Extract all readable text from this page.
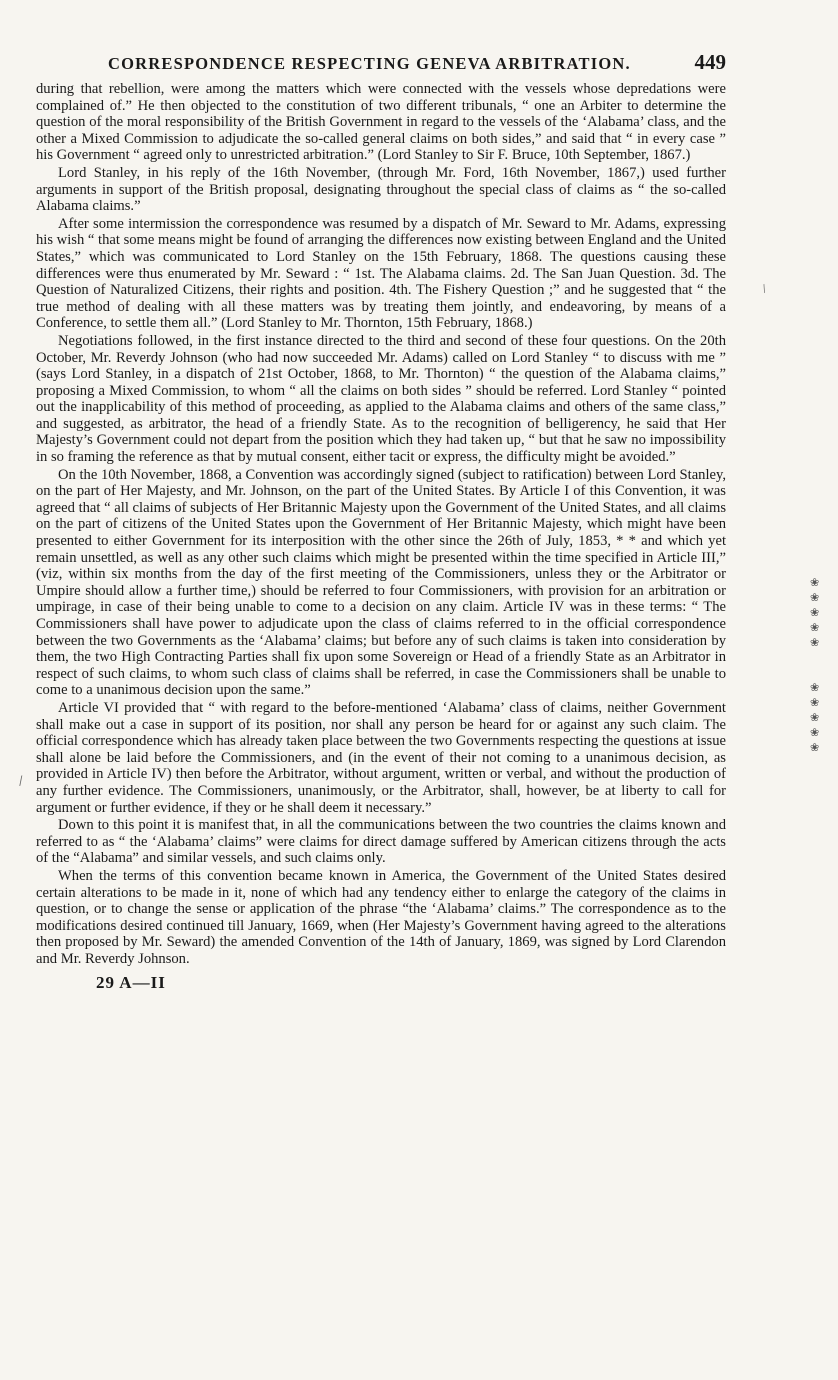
CORRESPONDENCE RESPECTING GENEVA ARBITRATION.	449

during that rebellion, were among the matters which were connected with the vessels whose depredations were complained of.” He then objected to the constitution of two different tribunals, “ one an Arbiter to determine the question of the moral responsibility of the British Government in regard to the vessels of the ‘Alabama’ class, and the other a Mixed Commission to adjudicate the so-called general claims on both sides,” and said that “ in every case ” his Government “ agreed only to unrestricted arbitration.” (Lord Stanley to Sir F. Bruce, 10th September, 1867.)

Lord Stanley, in his reply of the 16th November, (through Mr. Ford, 16th November, 1867,) used further arguments in support of the British proposal, designating throughout the special class of claims as “ the so-called Alabama claims.”

After some intermission the correspondence was resumed by a dispatch of Mr. Seward to Mr. Adams, expressing his wish “ that some means might be found of arranging the differences now existing between England and the United States,” which was communicated to Lord Stanley on the 15th February, 1868. The questions causing these differences were thus enumerated by Mr. Seward : “ 1st. The Alabama claims. 2d. The San Juan Question. 3d. The Question of Naturalized Citizens, their rights and position. 4th. The Fishery Question ;” and he suggested that “ the true method of dealing with all these matters was by treating them jointly, and endeavoring, by means of a Conference, to settle them all.” (Lord Stanley to Mr. Thornton, 15th February, 1868.)

Negotiations followed, in the first instance directed to the third and second of these four questions. On the 20th October, Mr. Reverdy Johnson (who had now succeeded Mr. Adams) called on Lord Stanley “ to discuss with me ” (says Lord Stanley, in a dispatch of 21st October, 1868, to Mr. Thornton) “ the question of the Alabama claims,” proposing a Mixed Commission, to whom “ all the claims on both sides ” should be referred. Lord Stanley “ pointed out the inapplicability of this method of proceeding, as applied to the Alabama claims and others of the same class,” and suggested, as arbitrator, the head of a friendly State. As to the recognition of belligerency, he said that Her Majesty’s Government could not depart from the position which they had taken up, “ but that he saw no impossibility in so framing the reference as that by mutual consent, either tacit or express, the difficulty might be avoided.”

On the 10th November, 1868, a Convention was accordingly signed (subject to ratification) between Lord Stanley, on the part of Her Majesty, and Mr. Johnson, on the part of the United States. By Article I of this Convention, it was agreed that “ all claims of subjects of Her Britannic Majesty upon the Government of the United States, and all claims on the part of citizens of the United States upon the Government of Her Britannic Majesty, which might have been presented to either Government for its interposition with the other since the 26th of July, 1853, * * and which yet remain unsettled, as well as any other such claims which might be presented within the time specified in Article III,” (viz, within six months from the day of the first meeting of the Commissioners, unless they or the Arbitrator or Umpire should allow a further time,) should be referred to four Commissioners, with provision for an arbitration or umpirage, in case of their being unable to come to a decision on any claim. Article IV was in these terms: “ The Commissioners shall have power to adjudicate upon the class of claims referred to in the official correspondence between the two Governments as the ‘Alabama’ claims; but before any of such claims is taken into consideration by them, the two High Contracting Parties shall fix upon some Sovereign or Head of a friendly State as an Arbitrator in respect of such claims, to whom such class of claims shall be referred, in case the Commissioners shall be unable to come to a unanimous decision upon the same.”

Article VI provided that “ with regard to the before-mentioned ‘Alabama’ class of claims, neither Government shall make out a case in support of its position, nor shall any person be heard for or against any such claim. The official correspondence which has already taken place between the two Governments respecting the questions at issue shall alone be laid before the Commissioners, and (in the event of their not coming to a unanimous decision, as provided in Article IV) then before the Arbitrator, without argument, written or verbal, and without the production of any further evidence. The Commissioners, unanimously, or the Arbitrator, shall, however, be at liberty to call for argument or further evidence, if they or he shall deem it necessary.”

Down to this point it is manifest that, in all the communications between the two countries the claims known and referred to as “ the ‘Alabama’ claims” were claims for direct damage suffered by American citizens through the acts of the “Alabama” and similar vessels, and such claims only.

When the terms of this convention became known in America, the Government of the United States desired certain alterations to be made in it, none of which had any tendency either to enlarge the category of the claims in question, or to change the sense or application of the phrase “the ‘Alabama’ claims.” The correspondence as to the modifications desired continued till January, 1669, when (Her Majesty’s Government having agreed to the alterations then proposed by Mr. Seward) the amended Convention of the 14th of January, 1869, was signed by Lord Clarendon and Mr. Reverdy Johnson.

29 A—II
❀
❀
❀
❀
❀
❀
❀
❀
❀
❀
⁄
⁄
